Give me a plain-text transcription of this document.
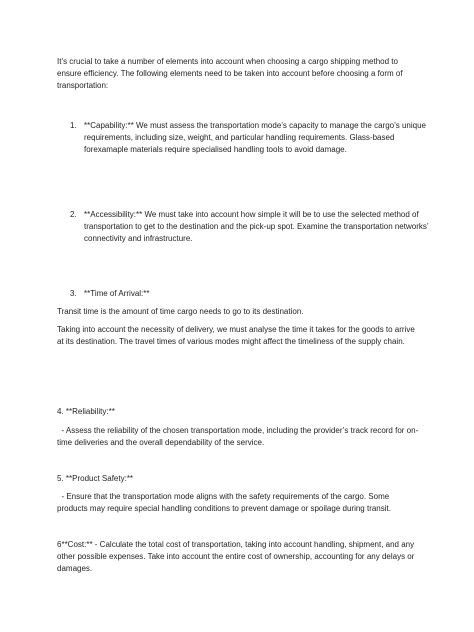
It’s crucial to take a number of elements into account when choosing a cargo shipping method to ensure efficiency. The following elements need to be taken into account before choosing a form of transportation:

1. **Capability:** We must assess the transportation mode’s capacity to manage the cargo’s unique requirements, including size, weight, and particular handling requirements. Glass-based forexamaple materials require specialised handling tools to avoid damage.
2. **Accessibility:** We must take into account how simple it will be to use the selected method of transportation to get to the destination and the pick-up spot. Examine the transportation networks’ connectivity and infrastructure.
3. **Time of Arrival:**

Transit time is the amount of time cargo needs to go to its destination.

Taking into account the necessity of delivery, we must analyse the time it takes for the goods to arrive at its destination. The travel times of various modes might affect the timeliness of the supply chain.

4. **Reliability:**

- Assess the reliability of the chosen transportation mode, including the provider’s track record for on-time deliveries and the overall dependability of the service.

5. **Product Safety:**

- Ensure that the transportation mode aligns with the safety requirements of the cargo. Some products may require special handling conditions to prevent damage or spoilage during transit.

6**Cost:** - Calculate the total cost of transportation, taking into account handling, shipment, and any other possible expenses. Take into account the entire cost of ownership, accounting for any delays or damages.
